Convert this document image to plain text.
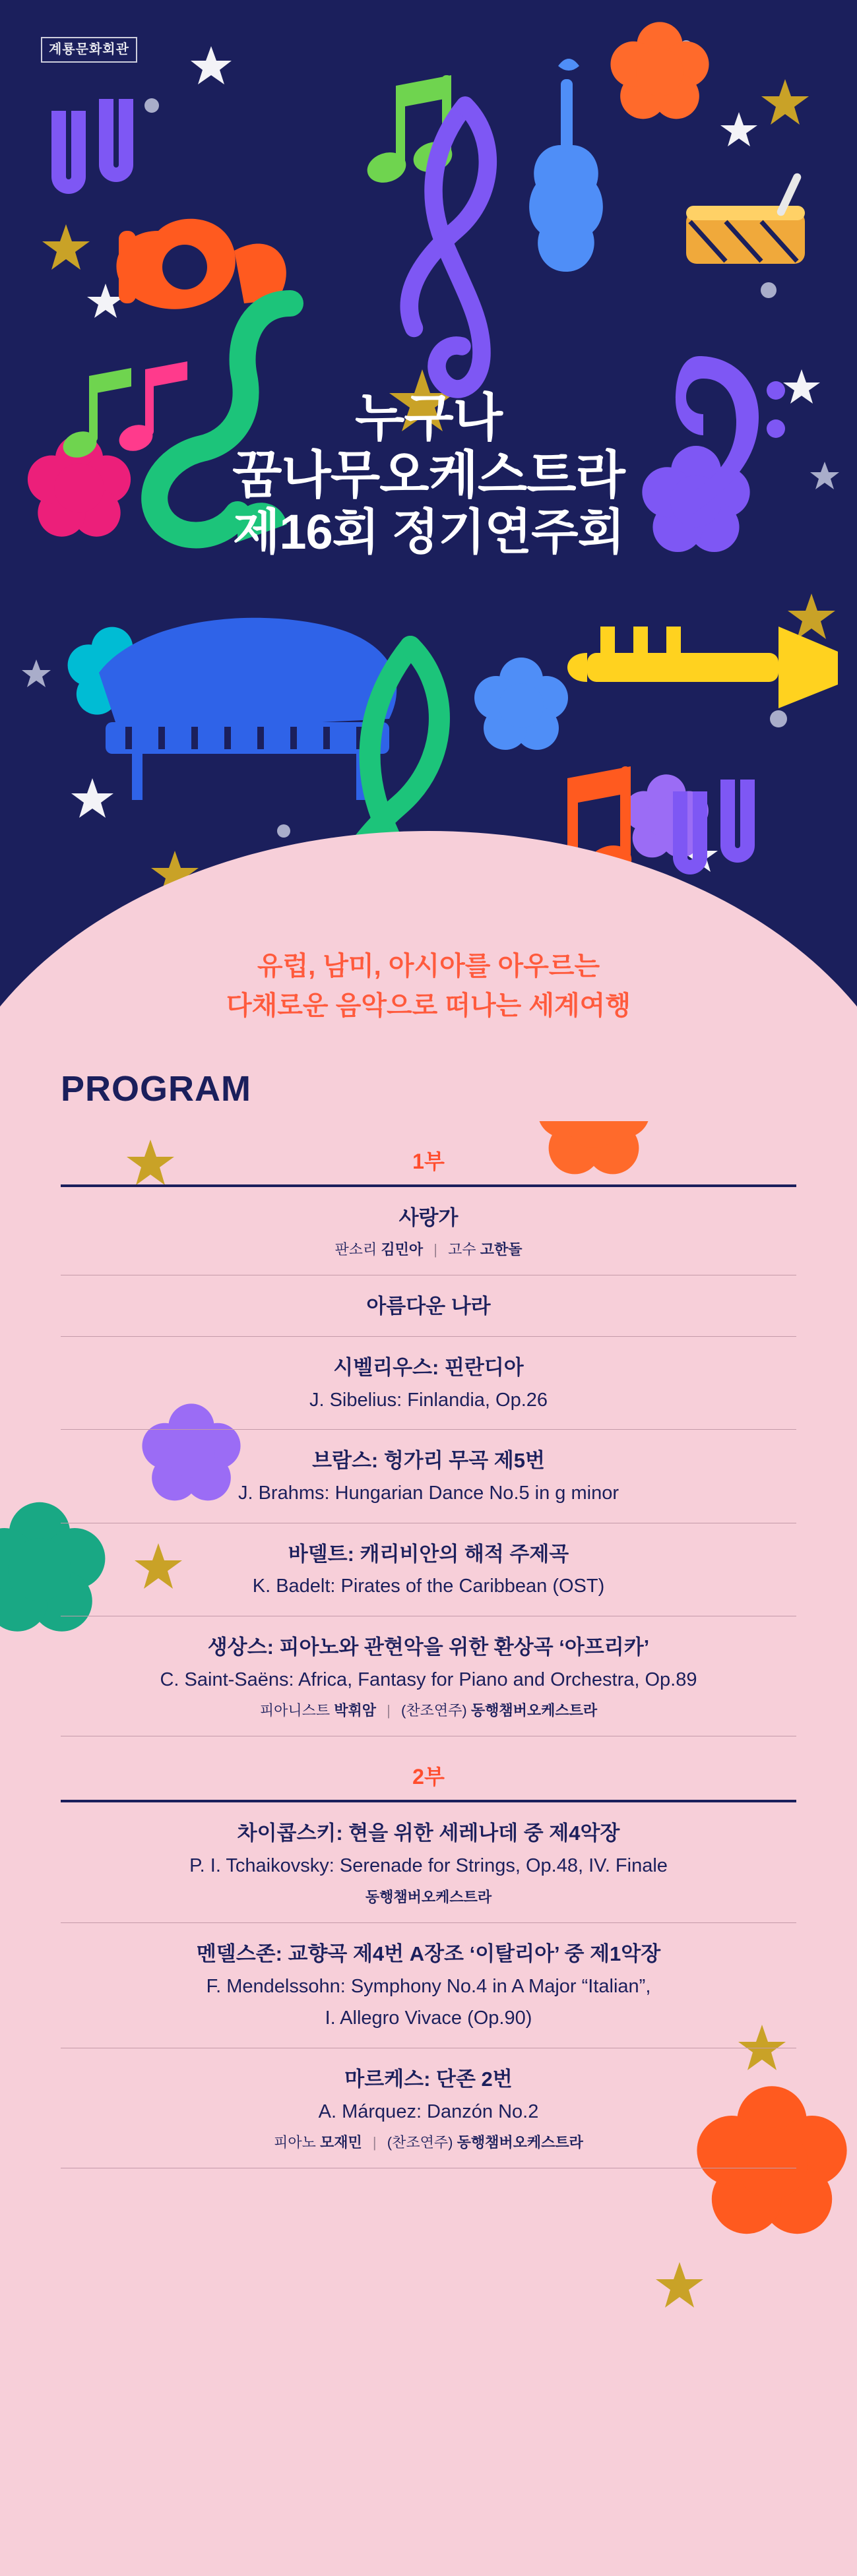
계룡문화회관
누구나
꿈나무오케스트라
제16회 정기연주회
유럽, 남미, 아시아를 아우르는
다채로운 음악으로 떠나는 세계여행
PROGRAM
1부
사랑가
판소리 김민아 | 고수 고한돌
아름다운 나라
시벨리우스: 핀란디아
J. Sibelius: Finlandia, Op.26
브람스: 헝가리 무곡 제5번
J. Brahms: Hungarian Dance No.5 in g minor
바델트: 캐리비안의 해적 주제곡
K. Badelt: Pirates of the Caribbean (OST)
생상스: 피아노와 관현악을 위한 환상곡 ‘아프리카’
C. Saint-Saëns: Africa, Fantasy for Piano and Orchestra, Op.89
피아니스트 박휘암 | (찬조연주) 동행챔버오케스트라
2부
차이콥스키: 현을 위한 세레나데 중 제4악장
P. I. Tchaikovsky: Serenade for Strings, Op.48, IV. Finale
동행챔버오케스트라
멘델스존: 교향곡 제4번 A장조 ‘이탈리아’ 중 제1악장
F. Mendelssohn: Symphony No.4 in A Major “Italian”,
I. Allegro Vivace (Op.90)
마르케스: 단존 2번
A. Márquez: Danzón No.2
피아노 모재민 | (찬조연주) 동행챔버오케스트라
